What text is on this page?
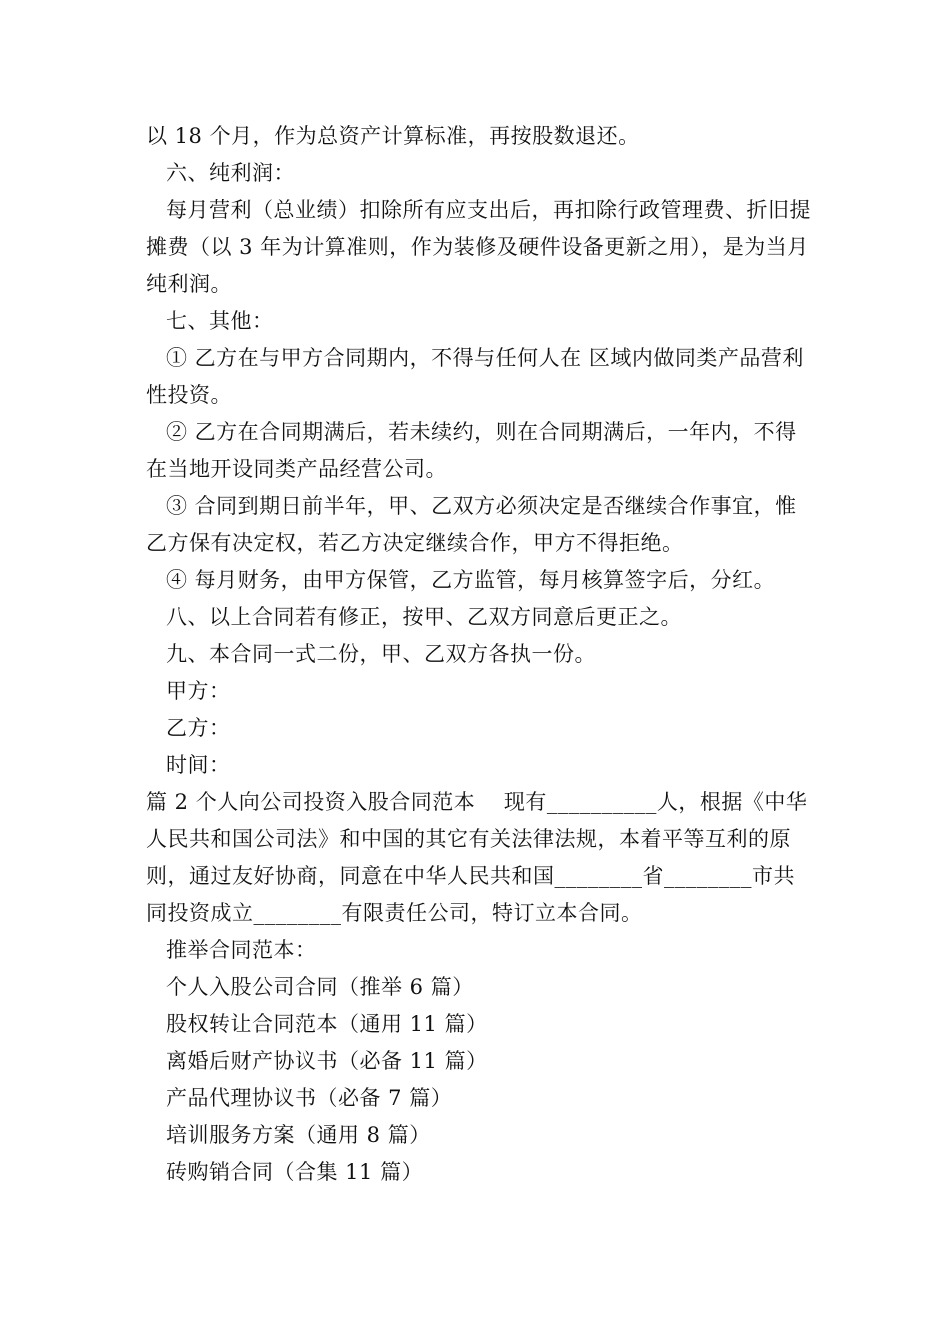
以 18 个月，作为总资产计算标准，再按股数退还。

六、纯利润：

每月营利（总业绩）扣除所有应支出后，再扣除行政管理费、折旧提摊费（以 3 年为计算准则，作为装修及硬件设备更新之用），是为当月纯利润。

七、其他：

① 乙方在与甲方合同期内，不得与任何人在 区域内做同类产品营利性投资。

② 乙方在合同期满后，若未续约，则在合同期满后，一年内，不得在当地开设同类产品经营公司。

③ 合同到期日前半年，甲、乙双方必须决定是否继续合作事宜，惟乙方保有决定权，若乙方决定继续合作，甲方不得拒绝。

④ 每月财务，由甲方保管，乙方监管，每月核算签字后，分红。

八、以上合同若有修正，按甲、乙双方同意后更正之。

九、本合同一式二份，甲、乙双方各执一份。

甲方：

乙方：

时间：

篇 2 个人向公司投资入股合同范本    现有__________人，根据《中华人民共和国公司法》和中国的其它有关法律法规，本着平等互利的原则，通过友好协商，同意在中华人民共和国________省________市共同投资成立________有限责任公司，特订立本合同。

推举合同范本：

个人入股公司合同（推举 6 篇）

股权转让合同范本（通用 11 篇）

离婚后财产协议书（必备 11 篇）

产品代理协议书（必备 7 篇）

培训服务方案（通用 8 篇）

砖购销合同（合集 11 篇）
